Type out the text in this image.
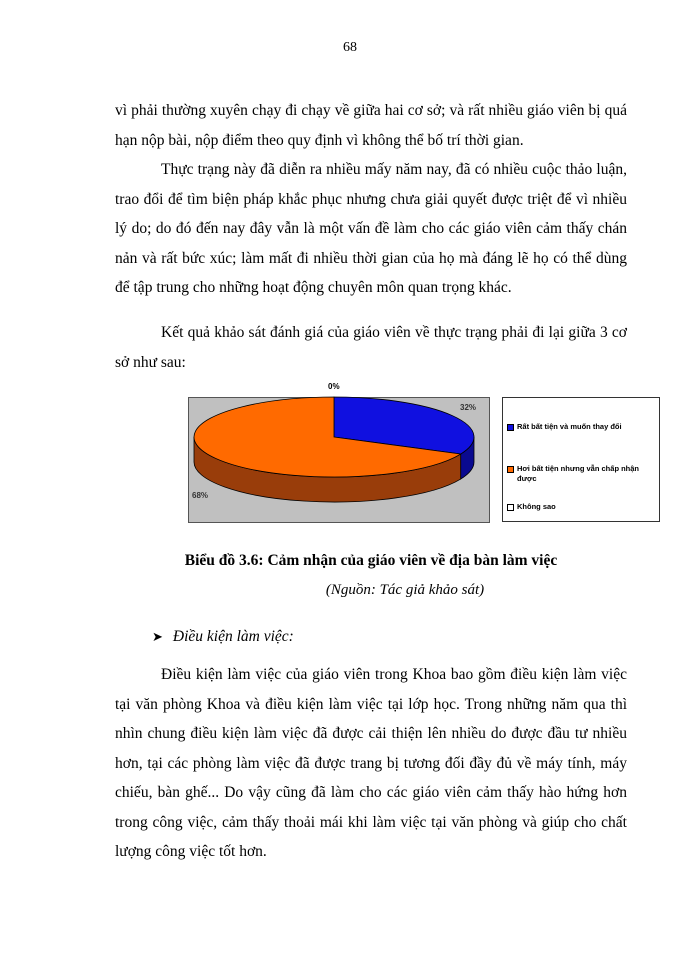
68

vì phải thường xuyên chạy đi chạy về giữa hai cơ sở; và rất nhiều giáo viên bị quá hạn nộp bài, nộp điểm theo quy định vì không thể bố trí thời gian.

Thực trạng này đã diễn ra nhiều mấy năm nay, đã có nhiều cuộc thảo luận, trao đổi để tìm biện pháp khắc phục nhưng chưa giải quyết được triệt để vì nhiều lý do; do đó đến nay đây vẫn là một vấn đề làm cho các giáo viên cảm thấy chán nản và rất bức xúc; làm mất đi nhiều thời gian của họ mà đáng lẽ họ có thể dùng để tập trung cho những hoạt động chuyên môn quan trọng khác.

Kết quả khảo sát đánh giá của giáo viên về thực trạng phải đi lại giữa 3 cơ sở như sau:

32%
68%
0%
Rất bất tiện và muốn thay đổi
Hơi bất tiện nhưng vẫn chấp nhận được
Không sao
Biểu đồ 3.6: Cảm nhận của giáo viên về địa bàn làm việc
(Nguồn: Tác giả khảo sát)
➤ Điều kiện làm việc:

Điều kiện làm việc của giáo viên trong Khoa bao gồm điều kiện làm việc tại văn phòng Khoa và điều kiện làm việc tại lớp học. Trong những năm qua thì nhìn chung điều kiện làm việc đã được cải thiện lên nhiều do được đầu tư nhiều hơn, tại các phòng làm việc đã được trang bị tương đối đầy đủ về máy tính, máy chiếu, bàn ghế... Do vậy cũng đã làm cho các giáo viên cảm thấy hào hứng hơn trong công việc, cảm thấy thoải mái khi làm việc tại văn phòng và giúp cho chất lượng công việc tốt hơn.
